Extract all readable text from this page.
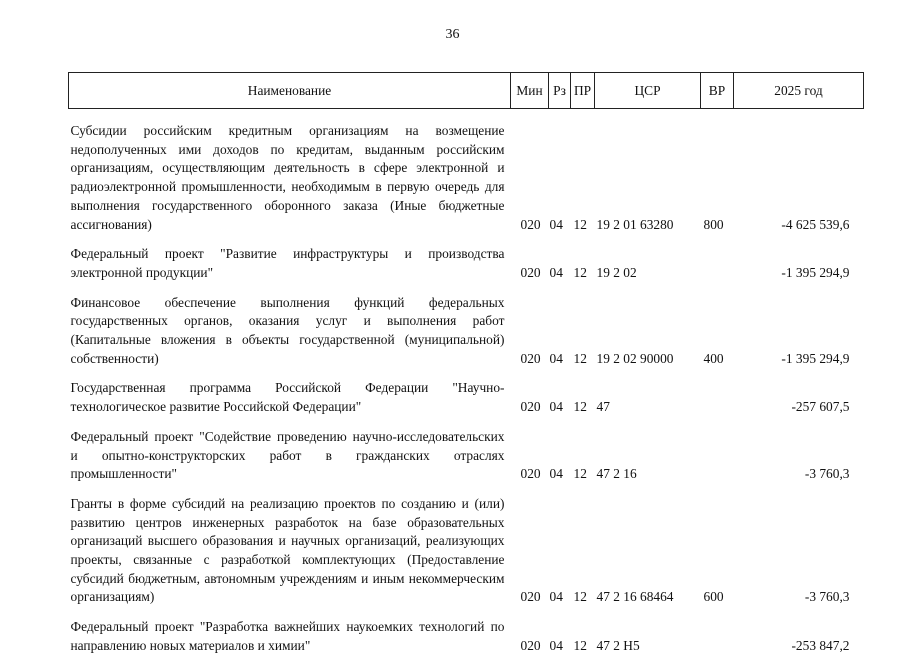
36
Наименование	Мин	Рз	ПР	ЦСР	ВР	2025 год
Субсидии российским кредитным организациям на возмещение недополученных ими доходов по кредитам, выданным российским организациям, осуществляющим деятельность в сфере электронной и радиоэлектронной промышленности, необходимым в первую очередь для выполнения государственного оборонного заказа (Иные бюджетные ассигнования)	020	04	12	19 2 01 63280	800	-4 625 539,6
Федеральный проект "Развитие инфраструктуры и производства электронной продукции"	020	04	12	19 2 02		-1 395 294,9
Финансовое обеспечение выполнения функций федеральных государственных органов, оказания услуг и выполнения работ (Капитальные вложения в объекты государственной (муниципальной) собственности)	020	04	12	19 2 02 90000	400	-1 395 294,9
Государственная программа Российской Федерации "Научно-технологическое развитие Российской Федерации"	020	04	12	47		-257 607,5
Федеральный проект "Содействие проведению научно-исследовательских и опытно-конструкторских работ в гражданских отраслях промышленности"	020	04	12	47 2 16		-3 760,3
Гранты в форме субсидий на реализацию проектов по созданию и (или) развитию центров инженерных разработок на базе образовательных организаций высшего образования и научных организаций, реализующих проекты, связанные с разработкой комплектующих (Предоставление субсидий бюджетным, автономным учреждениям и иным некоммерческим организациям)	020	04	12	47 2 16 68464	600	-3 760,3
Федеральный проект "Разработка важнейших наукоемких технологий по направлению новых материалов и химии"	020	04	12	47 2 Н5		-253 847,2
